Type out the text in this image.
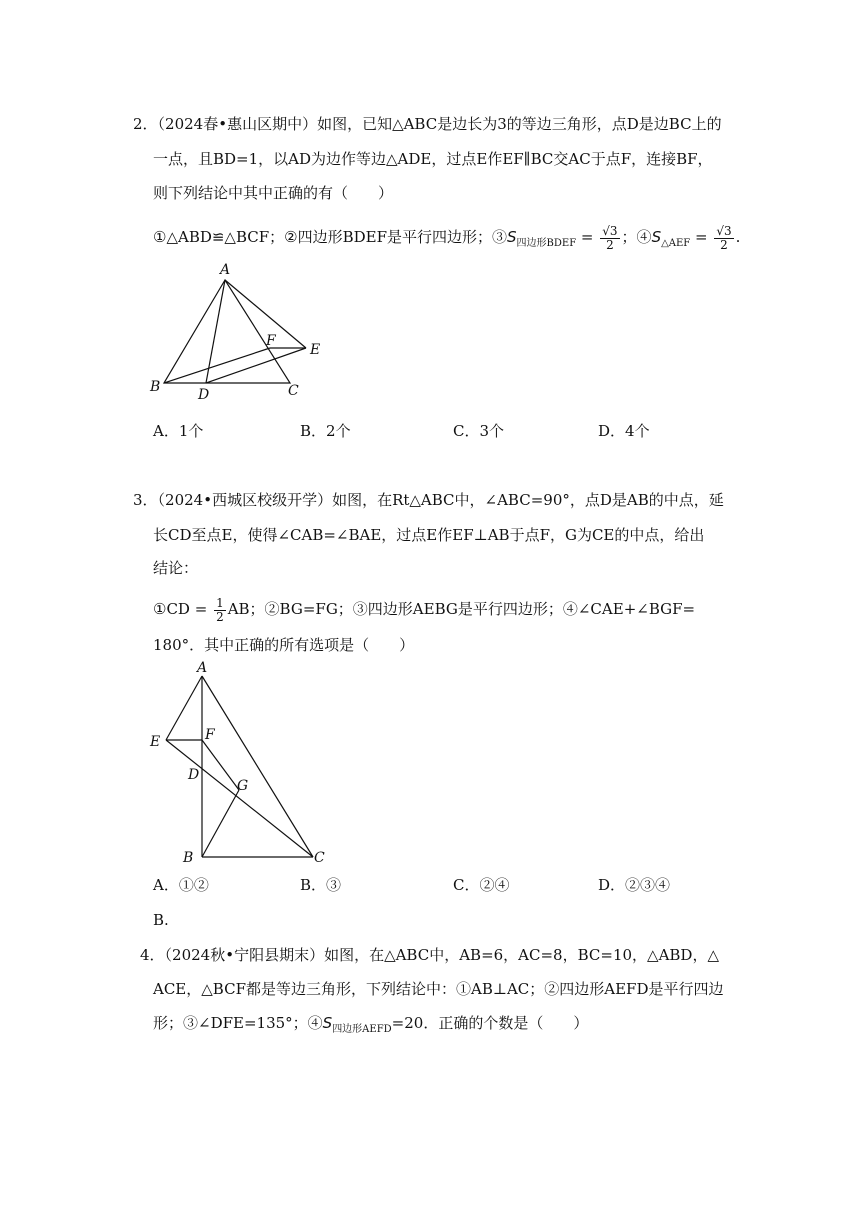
2．（2024春•惠山区期中）如图，已知△ABC是边长为3的等边三角形，点D是边BC上的
一点，且BD=1，以AD为边作等边△ADE，过点E作EF∥BC交AC于点F，连接BF，
则下列结论中其中正确的有（　　）
①△ABD≌△BCF；②四边形BDEF是平行四边形；$③S_{四边形BDEF} = \frac{√3}{2}$ ；$④S_{\triangle AEF} = \frac{√3}{2}$ .
A
B	C
D
E
F
A．1个	B．2个	C．3个	D．4个
3．（2024•西城区校级开学）如图，在Rt△ABC中，∠ABC=90°，点D是AB的中点，延
长CD至点E，使得∠CAB=∠BAE，过点E作EF⊥AB于点F，G为CE的中点，给出
结论：
①CD = $\frac{1}{2}$ AB；②BG=FG；③四边形AEBG是平行四边形；④∠CAE+∠BGF=
180°．其中正确的所有选项是（　　）
A
B	C
D
E	F
G
A．①②	B．③	C．②④	D．②③④
B.
4．（2024秋•宁阳县期末）如图，在△ABC中，AB=6，AC=8，BC=10，△ABD，△
ACE，△BCF都是等边三角形，下列结论中：①AB⊥AC；②四边形AEFD是平行四边
形；③∠DFE=135°；$④S_{四边形AEFD}=20$．正确的个数是（　　）
